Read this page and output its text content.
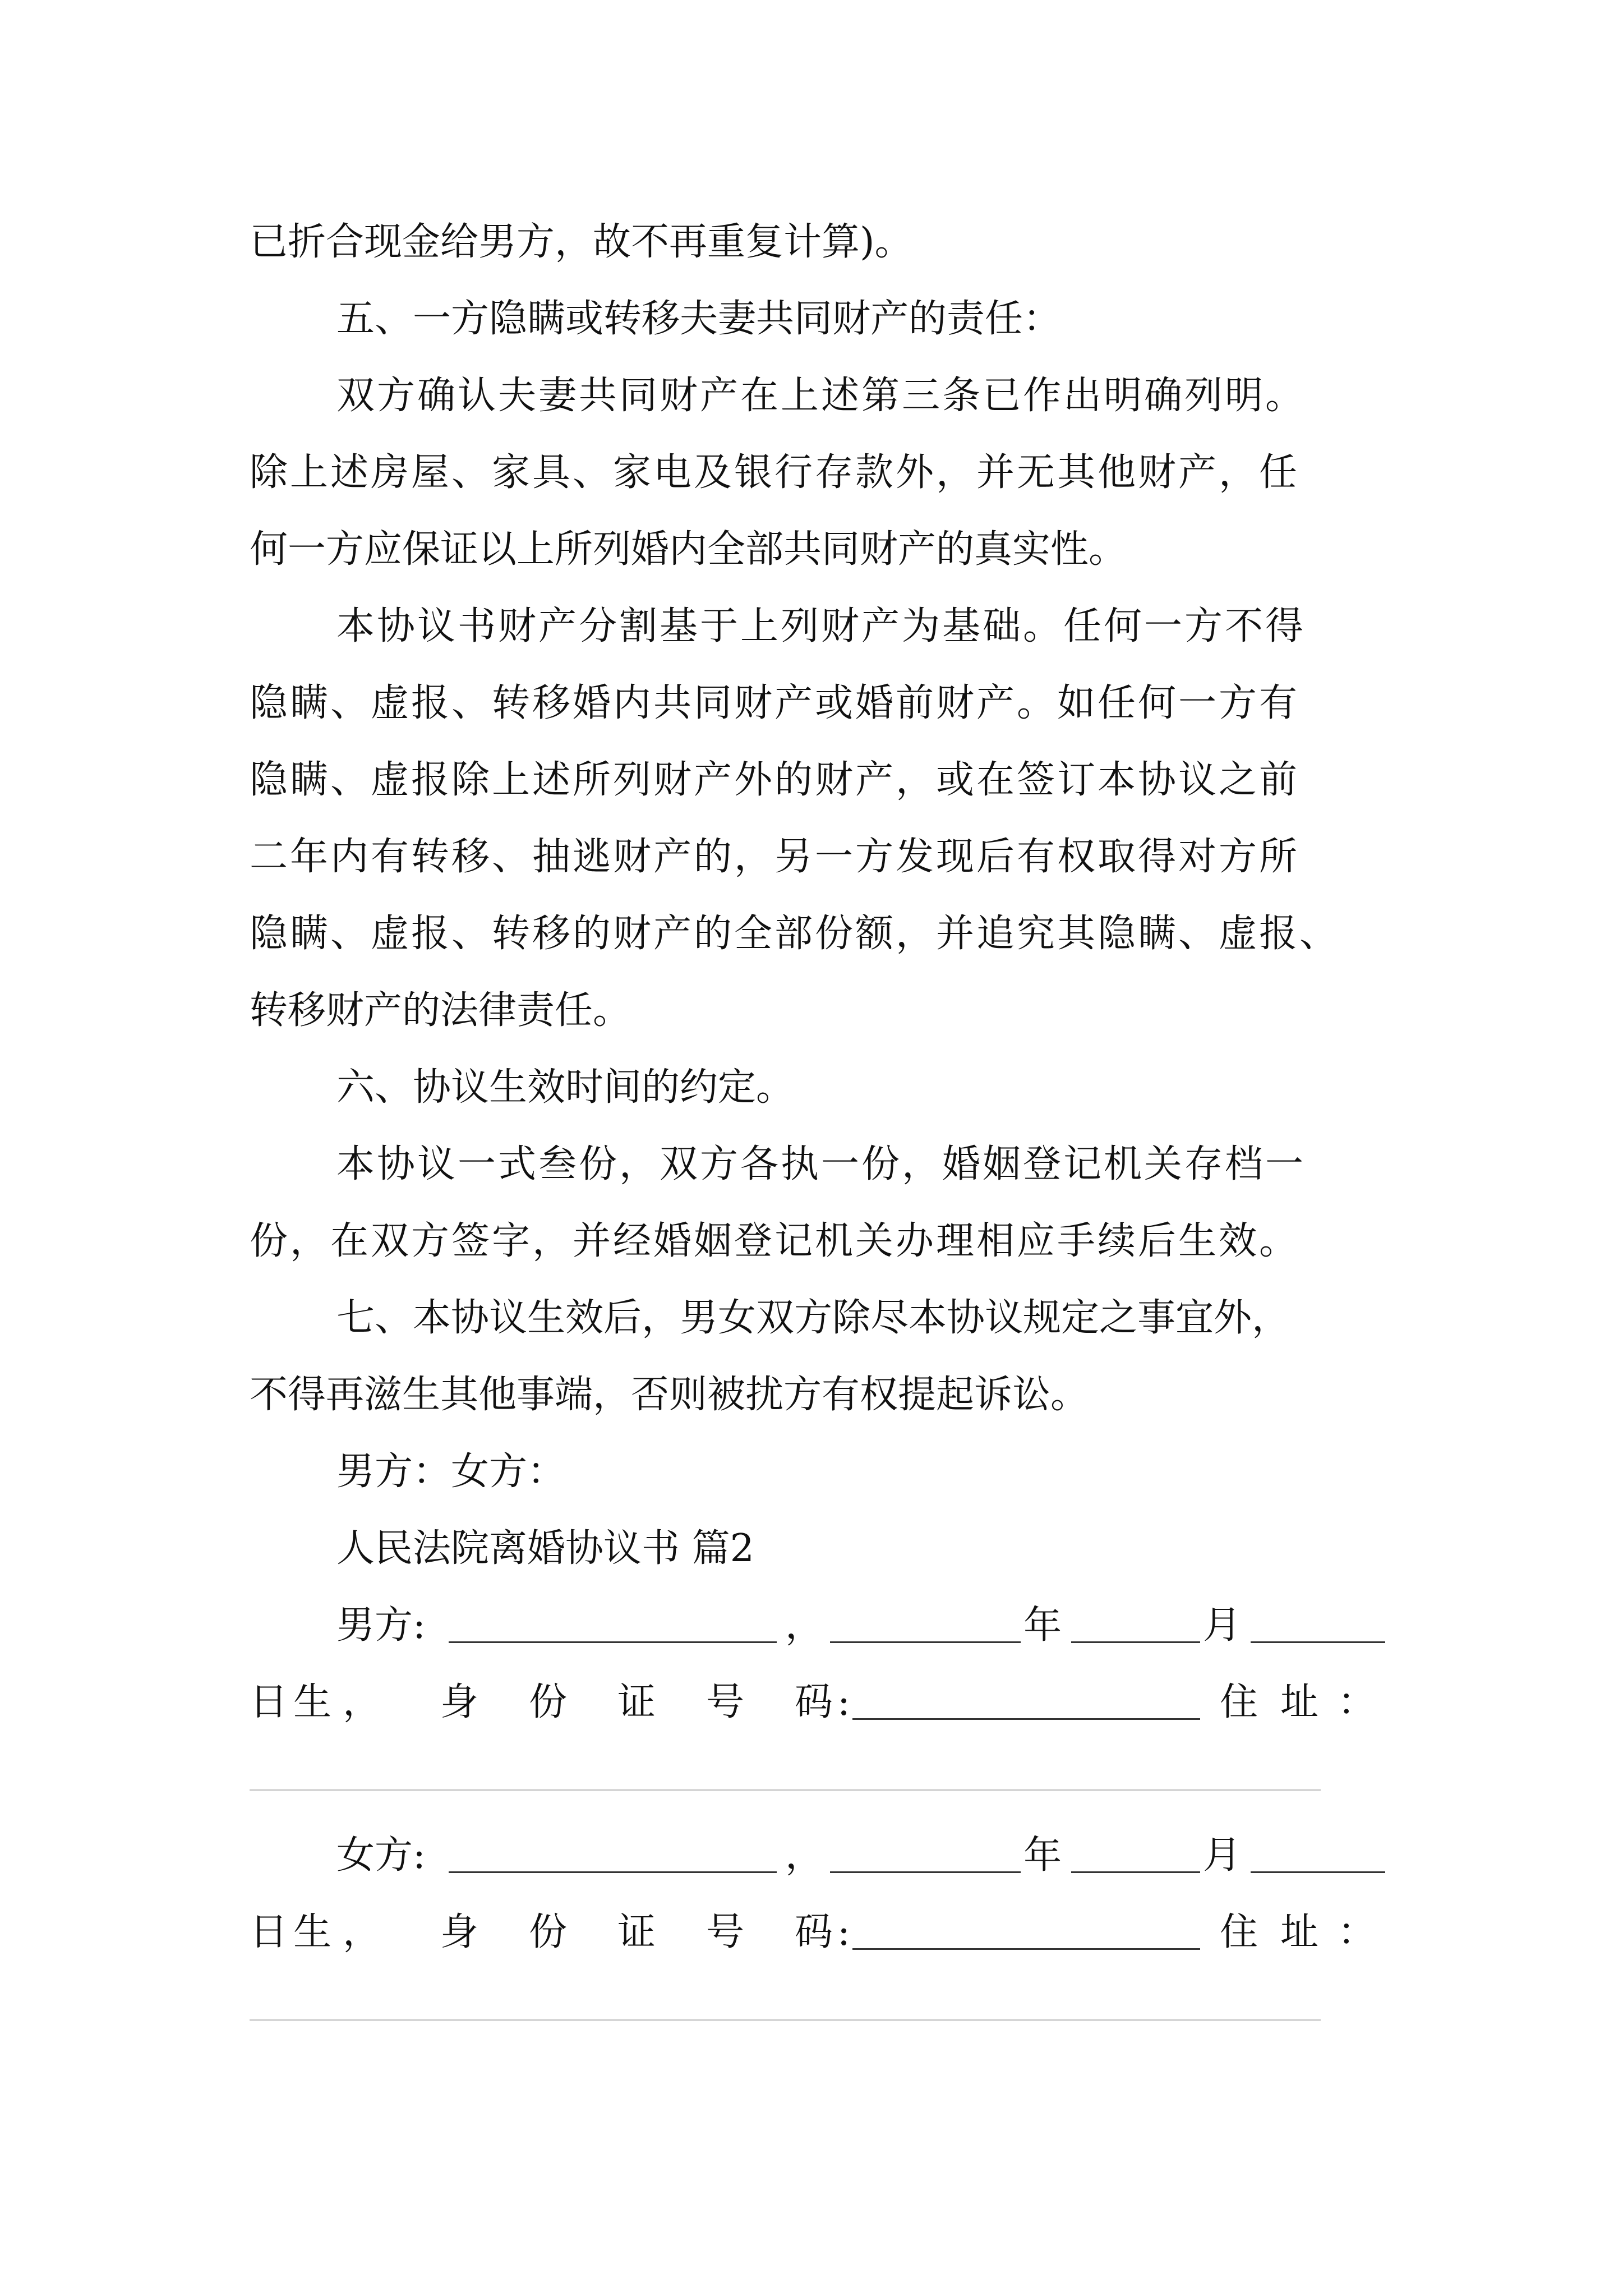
已折合现金给男方，故不再重复计算)。
五、一方隐瞒或转移夫妻共同财产的责任：
双方确认夫妻共同财产在上述第三条已作出明确列明。
除上述房屋、家具、家电及银行存款外，并无其他财产，任
何一方应保证以上所列婚内全部共同财产的真实性。
本协议书财产分割基于上列财产为基础。任何一方不得
隐瞒、虚报、转移婚内共同财产或婚前财产。如任何一方有
隐瞒、虚报除上述所列财产外的财产，或在签订本协议之前
二年内有转移、抽逃财产的，另一方发现后有权取得对方所
隐瞒、虚报、转移的财产的全部份额，并追究其隐瞒、虚报、
转移财产的法律责任。
六、协议生效时间的约定。
本协议一式叁份，双方各执一份，婚姻登记机关存档一
份，在双方签字，并经婚姻登记机关办理相应手续后生效。
七、本协议生效后，男女双方除尽本协议规定之事宜外，
不得再滋生其他事端，否则被扰方有权提起诉讼。
男方：女方：
人民法院离婚协议书 篇2
男方:	，	年	月
日 生 ， 身 份 证 号 码 :	住 址 ：
女方:	，	年	月
日 生 ， 身 份 证 号 码 :	住 址 ：
